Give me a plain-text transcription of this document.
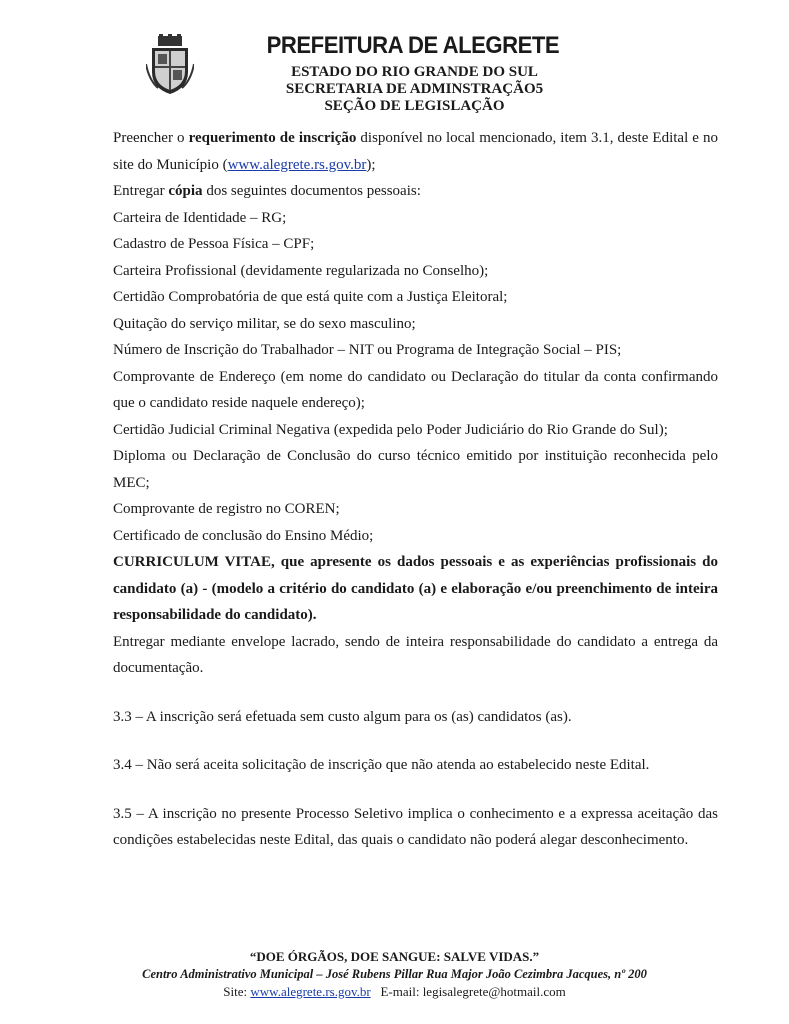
PREFEITURA DE ALEGRETE
ESTADO DO RIO GRANDE DO SUL
SECRETARIA DE ADMINSTRAÇÃO5
SEÇÃO DE LEGISLAÇÃO

Preencher o requerimento de inscrição disponível no local mencionado, item 3.1, deste Edital e no site do Município (www.alegrete.rs.gov.br);

Entregar cópia dos seguintes documentos pessoais:

Carteira de Identidade – RG;

Cadastro de Pessoa Física – CPF;

Carteira Profissional (devidamente regularizada no Conselho);

Certidão Comprobatória de que está quite com a Justiça Eleitoral;

Quitação do serviço militar, se do sexo masculino;

Número de Inscrição do Trabalhador – NIT ou Programa de Integração Social – PIS;

Comprovante de Endereço (em nome do candidato ou Declaração do titular da conta confirmando que o candidato reside naquele endereço);

Certidão Judicial Criminal Negativa (expedida pelo Poder Judiciário do Rio Grande do Sul);

Diploma ou Declaração de Conclusão do curso técnico emitido por instituição reconhecida pelo MEC;

Comprovante de registro no COREN;

Certificado de conclusão do Ensino Médio;

CURRICULUM VITAE, que apresente os dados pessoais e as experiências profissionais do candidato (a) - (modelo a critério do candidato (a) e elaboração e/ou preenchimento de inteira responsabilidade do candidato).

Entregar mediante envelope lacrado, sendo de inteira responsabilidade do candidato a entrega da documentação.

3.3 – A inscrição será efetuada sem custo algum para os (as) candidatos (as).

3.4 – Não será aceita solicitação de inscrição que não atenda ao estabelecido neste Edital.

3.5 – A inscrição no presente Processo Seletivo implica o conhecimento e a expressa aceitação das condições estabelecidas neste Edital, das quais o candidato não poderá alegar desconhecimento.

“DOE ÓRGÃOS, DOE SANGUE: SALVE VIDAS.”
Centro Administrativo Municipal – José Rubens Pillar Rua Major João Cezimbra Jacques, nº 200
Site: www.alegrete.rs.gov.br   E-mail: legisalegrete@hotmail.com
